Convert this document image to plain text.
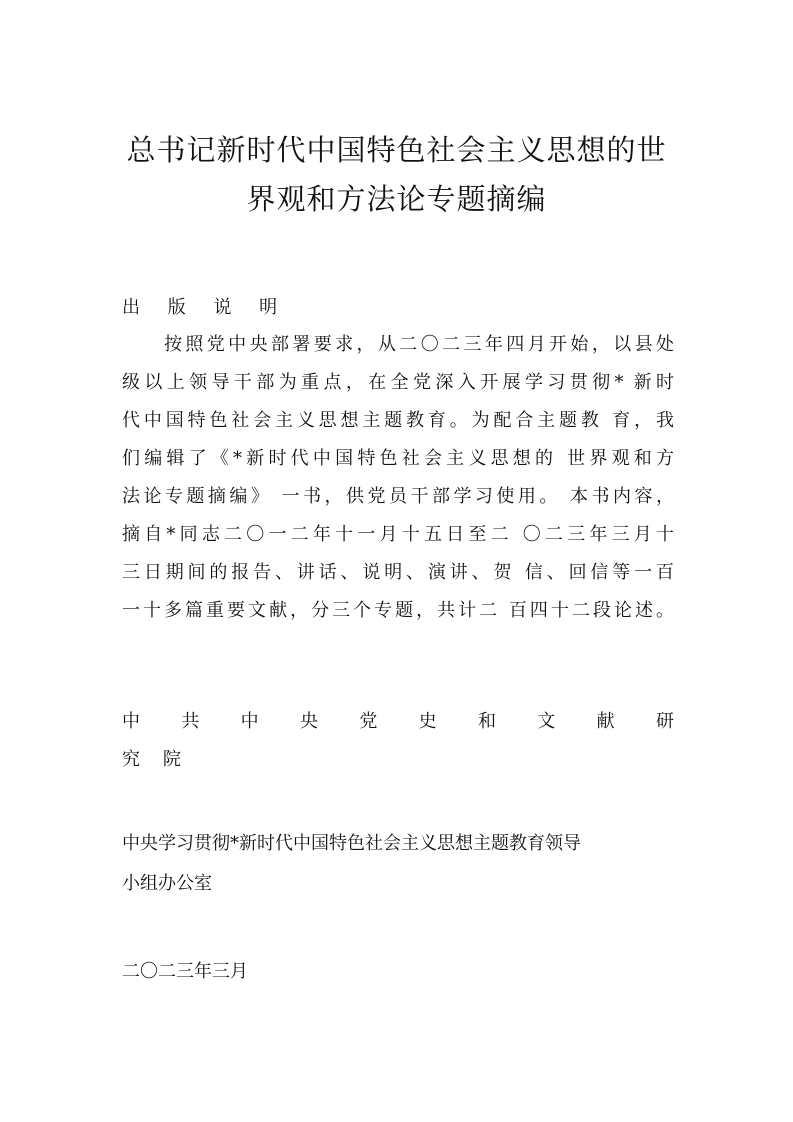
总书记新时代中国特色社会主义思想的世
界观和方法论专题摘编
出 版 说 明
按照党中央部署要求，从二〇二三年四月开始，以县处
级以上领导干部为重点，在全党深入开展学习贯彻* 新时
代中国特色社会主义思想主题教育。为配合主题教 育，我
们编辑了《*新时代中国特色社会主义思想的 世界观和方
法论专题摘编》 一书，供党员干部学习使用。 本书内容，
摘自*同志二〇一二年十一月十五日至二 〇二三年三月十
三日期间的报告、讲话、说明、演讲、贺 信、回信等一百
一十多篇重要文献，分三个专题，共计二 百四十二段论述。
中 共 中 央 党 史 和 文 献 研
究    院
中央学习贯彻*新时代中国特色社会主义思想主题教育领导
小组办公室
二〇二三年三月
